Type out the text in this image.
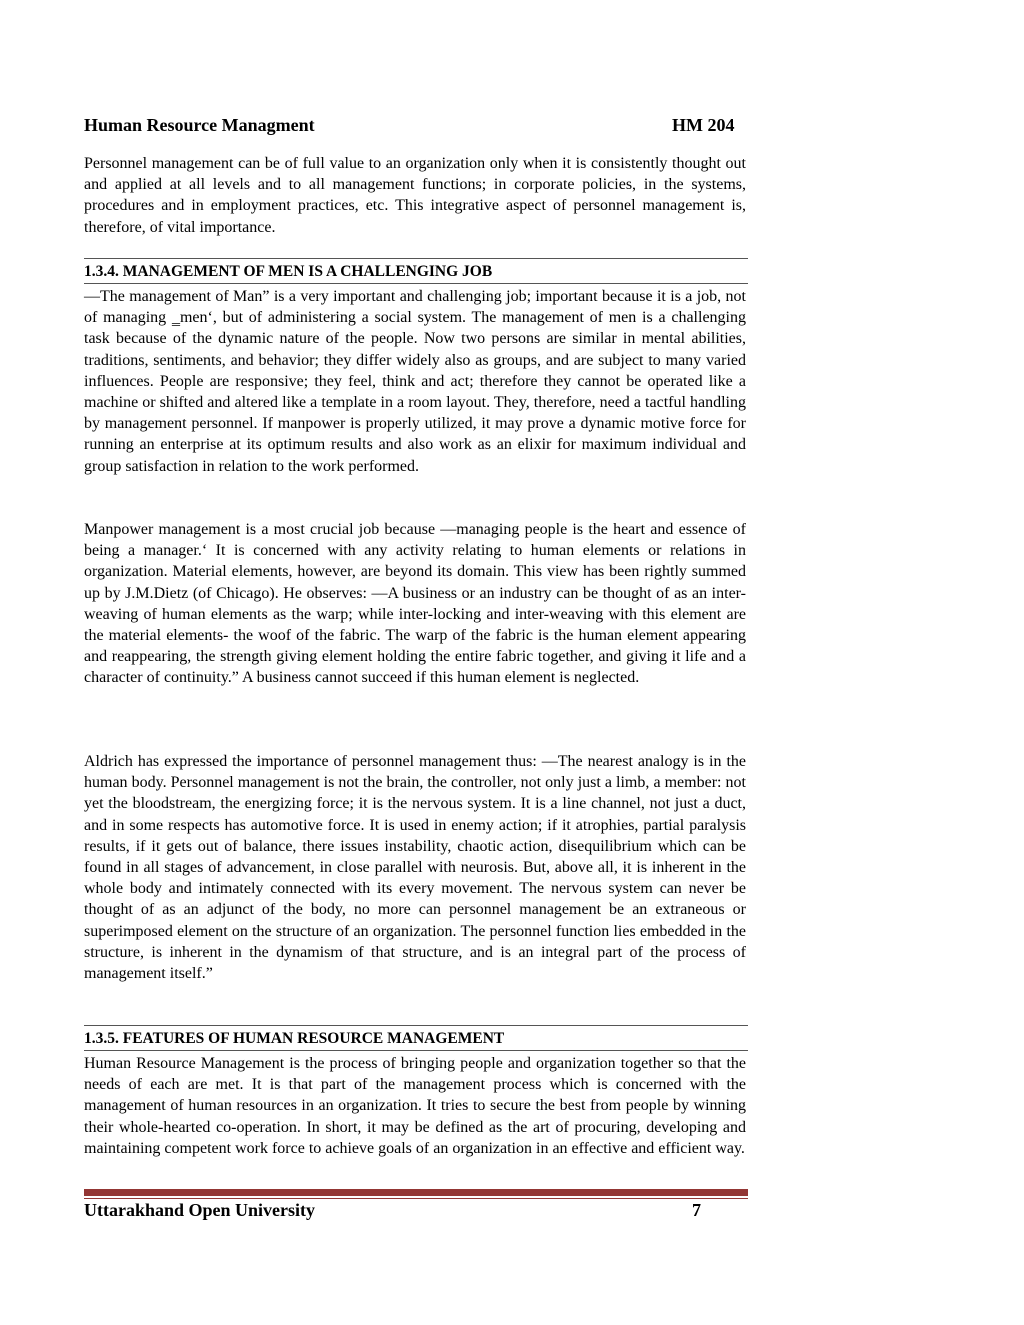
Human Resource Managment	HM 204

Personnel management can be of full value to an organization only when it is consistently thought out and applied at all levels and to all management functions; in corporate policies, in the systems, procedures and in employment practices, etc. This integrative aspect of personnel management is, therefore, of vital importance.

1.3.4. MANAGEMENT OF MEN IS A CHALLENGING JOB

―The management of Man” is a very important and challenging job; important because it is a job, not of managing ‗men‘, but of administering a social system. The management of men is a challenging task because of the dynamic nature of the people. Now two persons are similar in mental abilities, traditions, sentiments, and behavior; they differ widely also as groups, and are subject to many varied influences. People are responsive; they feel, think and act; therefore they cannot be operated like a machine or shifted and altered like a template in a room layout. They, therefore, need a tactful handling by management personnel. If manpower is properly utilized, it may prove a dynamic motive force for running an enterprise at its optimum results and also work as an elixir for maximum individual and group satisfaction in relation to the work performed.

Manpower management is a most crucial job because ―managing people is the heart and essence of being a manager.‘ It is concerned with any activity relating to human elements or relations in organization. Material elements, however, are beyond its domain. This view has been rightly summed up by J.M.Dietz (of Chicago). He observes: ―A business or an industry can be thought of as an inter-weaving of human elements as the warp; while inter-locking and inter-weaving with this element are the material elements- the woof of the fabric. The warp of the fabric is the human element appearing and reappearing, the strength giving element holding the entire fabric together, and giving it life and a character of continuity.” A business cannot succeed if this human element is neglected.

Aldrich has expressed the importance of personnel management thus: ―The nearest analogy is in the human body. Personnel management is not the brain, the controller, not only just a limb, a member: not yet the bloodstream, the energizing force; it is the nervous system. It is a line channel, not just a duct, and in some respects has automotive force. It is used in enemy action; if it atrophies, partial paralysis results, if it gets out of balance, there issues instability, chaotic action, disequilibrium which can be found in all stages of advancement, in close parallel with neurosis. But, above all, it is inherent in the whole body and intimately connected with its every movement. The nervous system can never be thought of as an adjunct of the body, no more can personnel management be an extraneous or superimposed element on the structure of an organization. The personnel function lies embedded in the structure, is inherent in the dynamism of that structure, and is an integral part of the process of management itself.”

1.3.5. FEATURES OF HUMAN RESOURCE MANAGEMENT

Human Resource Management is the process of bringing people and organization together so that the needs of each are met. It is that part of the management process which is concerned with the management of human resources in an organization. It tries to secure the best from people by winning their whole-hearted co-operation. In short, it may be defined as the art of procuring, developing and maintaining competent work force to achieve goals of an organization in an effective and efficient way.

Uttarakhand Open University	7
